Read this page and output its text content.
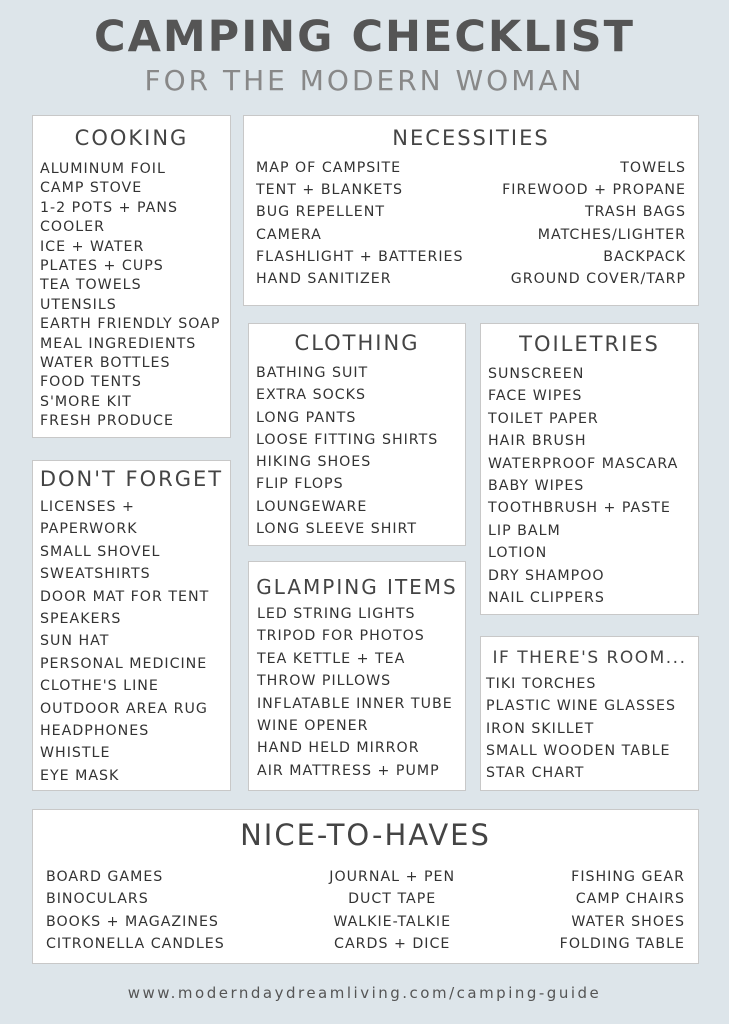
CAMPING CHECKLIST
FOR THE MODERN WOMAN
COOKING
ALUMINUM FOIL
CAMP STOVE
1-2 POTS + PANS
COOLER
ICE + WATER
PLATES + CUPS
TEA TOWELS
UTENSILS
EARTH FRIENDLY SOAP
MEAL INGREDIENTS
WATER BOTTLES
FOOD TENTS
S'MORE KIT
FRESH PRODUCE
NECESSITIES
MAP OF CAMPSITE
TENT + BLANKETS
BUG REPELLENT
CAMERA
FLASHLIGHT + BATTERIES
HAND SANITIZER
TOWELS
FIREWOOD + PROPANE
TRASH BAGS
MATCHES/LIGHTER
BACKPACK
GROUND COVER/TARP
CLOTHING
BATHING SUIT
EXTRA SOCKS
LONG PANTS
LOOSE FITTING SHIRTS
HIKING SHOES
FLIP FLOPS
LOUNGEWARE
LONG SLEEVE SHIRT
TOILETRIES
SUNSCREEN
FACE WIPES
TOILET PAPER
HAIR BRUSH
WATERPROOF MASCARA
BABY WIPES
TOOTHBRUSH + PASTE
LIP BALM
LOTION
DRY SHAMPOO
NAIL CLIPPERS
DON'T FORGET
LICENSES +
PAPERWORK
SMALL SHOVEL
SWEATSHIRTS
DOOR MAT FOR TENT
SPEAKERS
SUN HAT
PERSONAL MEDICINE
CLOTHE'S LINE
OUTDOOR AREA RUG
HEADPHONES
WHISTLE
EYE MASK
GLAMPING ITEMS
LED STRING LIGHTS
TRIPOD FOR PHOTOS
TEA KETTLE + TEA
THROW PILLOWS
INFLATABLE INNER TUBE
WINE OPENER
HAND HELD MIRROR
AIR MATTRESS + PUMP
IF THERE'S ROOM...
TIKI TORCHES
PLASTIC WINE GLASSES
IRON SKILLET
SMALL WOODEN TABLE
STAR CHART
NICE-TO-HAVES
BOARD GAMES
BINOCULARS
BOOKS + MAGAZINES
CITRONELLA CANDLES
JOURNAL + PEN
DUCT TAPE
WALKIE-TALKIE
CARDS + DICE
FISHING GEAR
CAMP CHAIRS
WATER SHOES
FOLDING TABLE
www.moderndaydreamliving.com/camping-guide
